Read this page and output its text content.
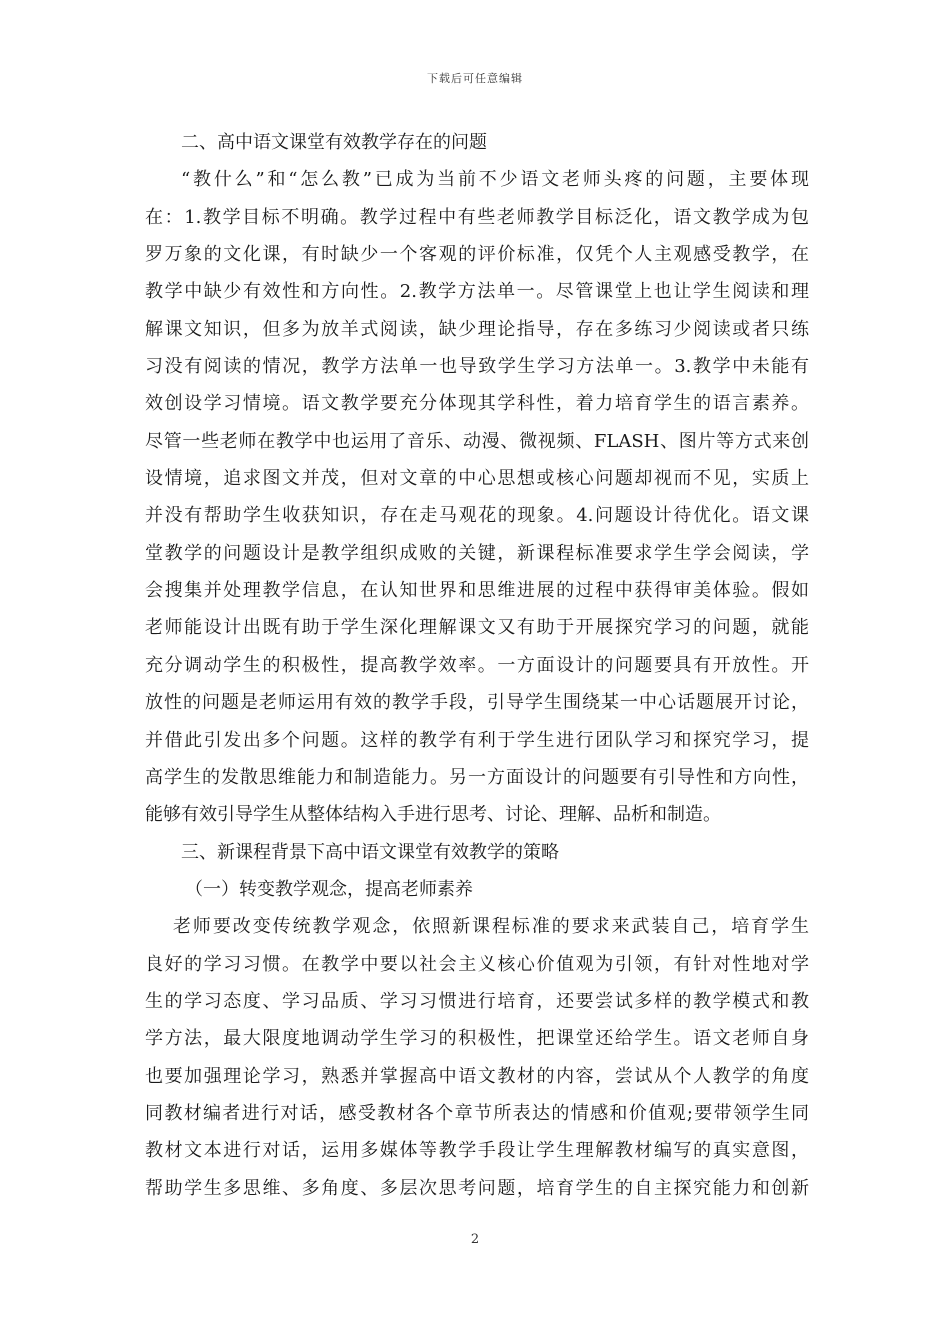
下载后可任意编辑
二、高中语文课堂有效教学存在的问题
“教什么”和“怎么教”已成为当前不少语文老师头疼的问题，主要体现
在：1.教学目标不明确。教学过程中有些老师教学目标泛化，语文教学成为包
罗万象的文化课，有时缺少一个客观的评价标准，仅凭个人主观感受教学，在
教学中缺少有效性和方向性。2.教学方法单一。尽管课堂上也让学生阅读和理
解课文知识，但多为放羊式阅读，缺少理论指导，存在多练习少阅读或者只练
习没有阅读的情况，教学方法单一也导致学生学习方法单一。3.教学中未能有
效创设学习情境。语文教学要充分体现其学科性，着力培育学生的语言素养。
尽管一些老师在教学中也运用了音乐、动漫、微视频、FLASH、图片等方式来创
设情境，追求图文并茂，但对文章的中心思想或核心问题却视而不见，实质上
并没有帮助学生收获知识，存在走马观花的现象。4.问题设计待优化。语文课
堂教学的问题设计是教学组织成败的关键，新课程标准要求学生学会阅读，学
会搜集并处理教学信息，在认知世界和思维进展的过程中获得审美体验。假如
老师能设计出既有助于学生深化理解课文又有助于开展探究学习的问题，就能
充分调动学生的积极性，提高教学效率。一方面设计的问题要具有开放性。开
放性的问题是老师运用有效的教学手段，引导学生围绕某一中心话题展开讨论，
并借此引发出多个问题。这样的教学有利于学生进行团队学习和探究学习，提
高学生的发散思维能力和制造能力。另一方面设计的问题要有引导性和方向性，
能够有效引导学生从整体结构入手进行思考、讨论、理解、品析和制造。
三、新课程背景下高中语文课堂有效教学的策略
（一）转变教学观念，提高老师素养
老师要改变传统教学观念，依照新课程标准的要求来武装自己，培育学生
良好的学习习惯。在教学中要以社会主义核心价值观为引领，有针对性地对学
生的学习态度、学习品质、学习习惯进行培育，还要尝试多样的教学模式和教
学方法，最大限度地调动学生学习的积极性，把课堂还给学生。语文老师自身
也要加强理论学习，熟悉并掌握高中语文教材的内容，尝试从个人教学的角度
同教材编者进行对话，感受教材各个章节所表达的情感和价值观;要带领学生同
教材文本进行对话，运用多媒体等教学手段让学生理解教材编写的真实意图，
帮助学生多思维、多角度、多层次思考问题，培育学生的自主探究能力和创新
2
